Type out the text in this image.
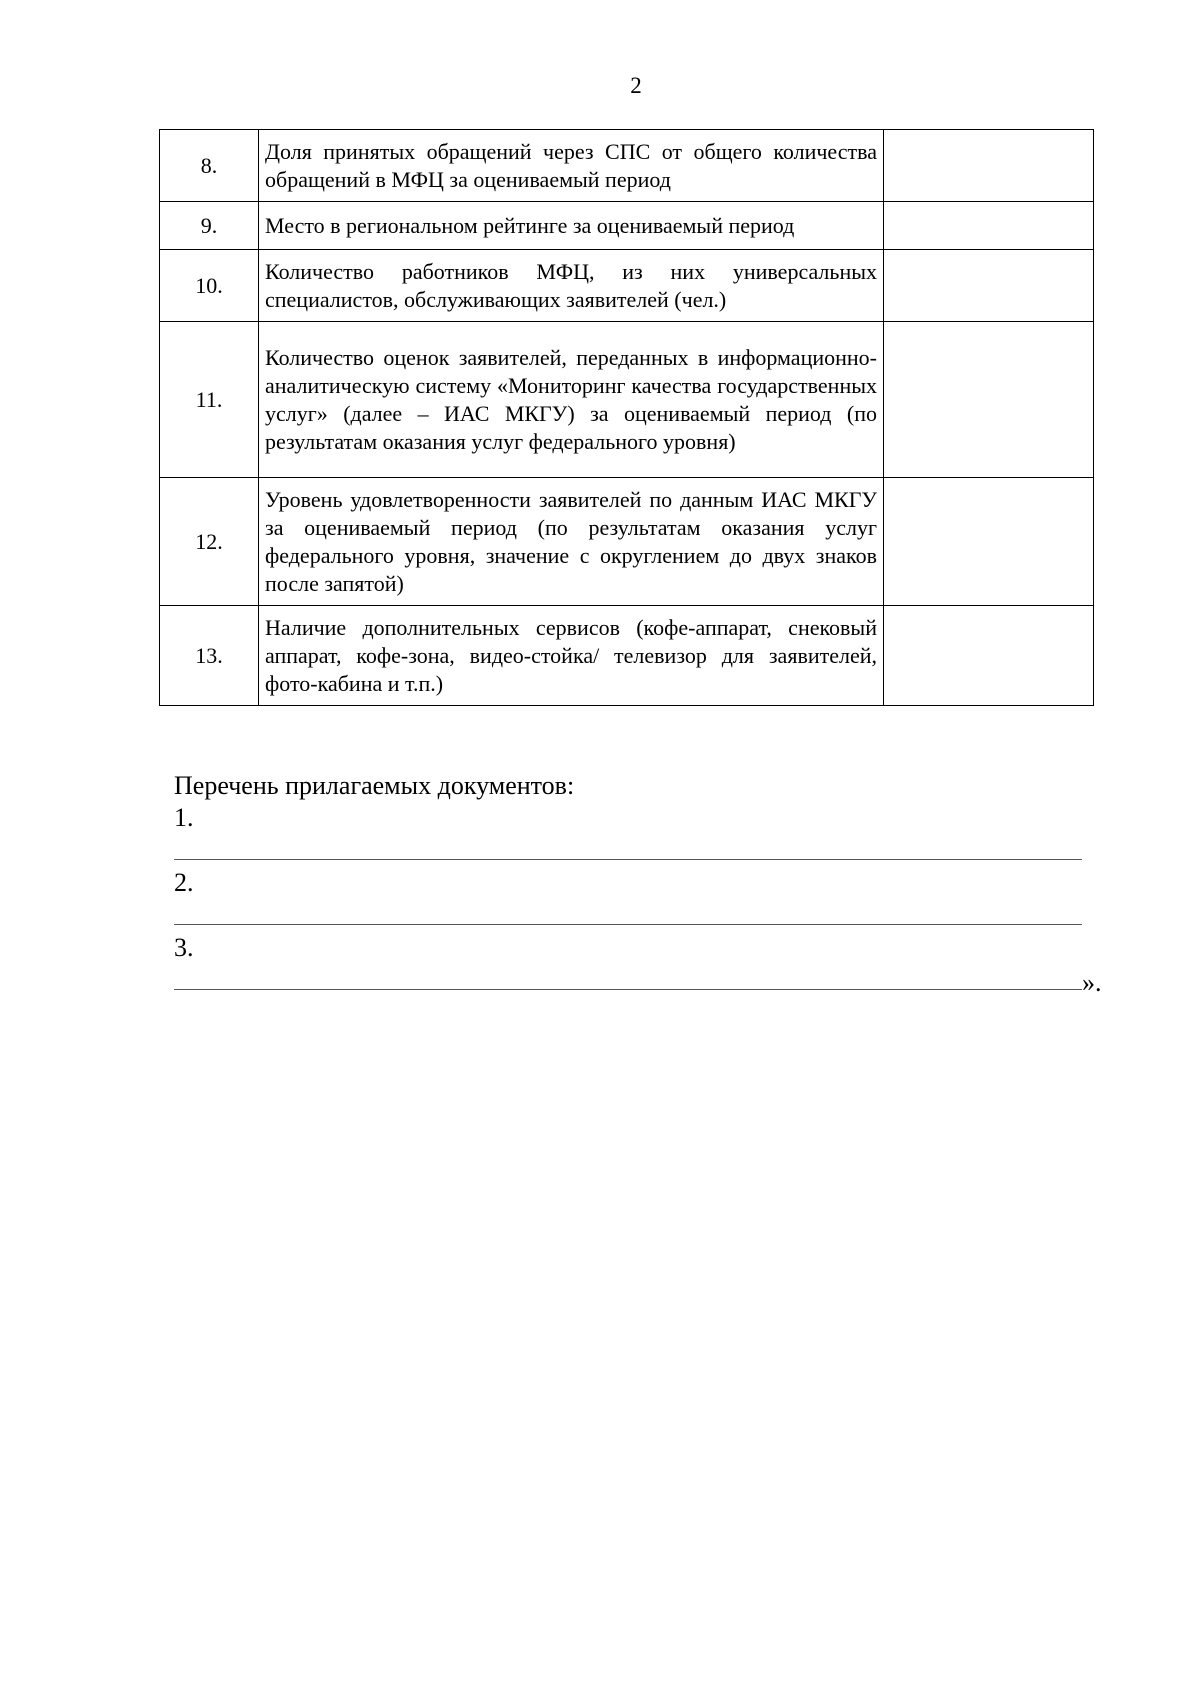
2
8.	Доля принятых обращений через СПС от общего количества обращений в МФЦ за оцениваемый период	
9.	Место в региональном рейтинге за оцениваемый период	
10.	Количество работников МФЦ, из них универсальных специалистов, обслуживающих заявителей (чел.)	
11.	Количество оценок заявителей, переданных в информационно-аналитическую систему «Мониторинг качества государственных услуг» (далее – ИАС МКГУ) за оцениваемый период (по результатам оказания услуг федерального уровня)	
12.	Уровень удовлетворенности заявителей по данным ИАС МКГУ за оцениваемый период (по результатам оказания услуг федерального уровня, значение с округлением до двух знаков после запятой)	
13.	Наличие дополнительных сервисов (кофе-аппарат, снековый аппарат, кофе-зона, видео-стойка/ телевизор для заявителей, фото-кабина и т.п.)	
Перечень прилагаемых документов:
1.
2.
3.
».
